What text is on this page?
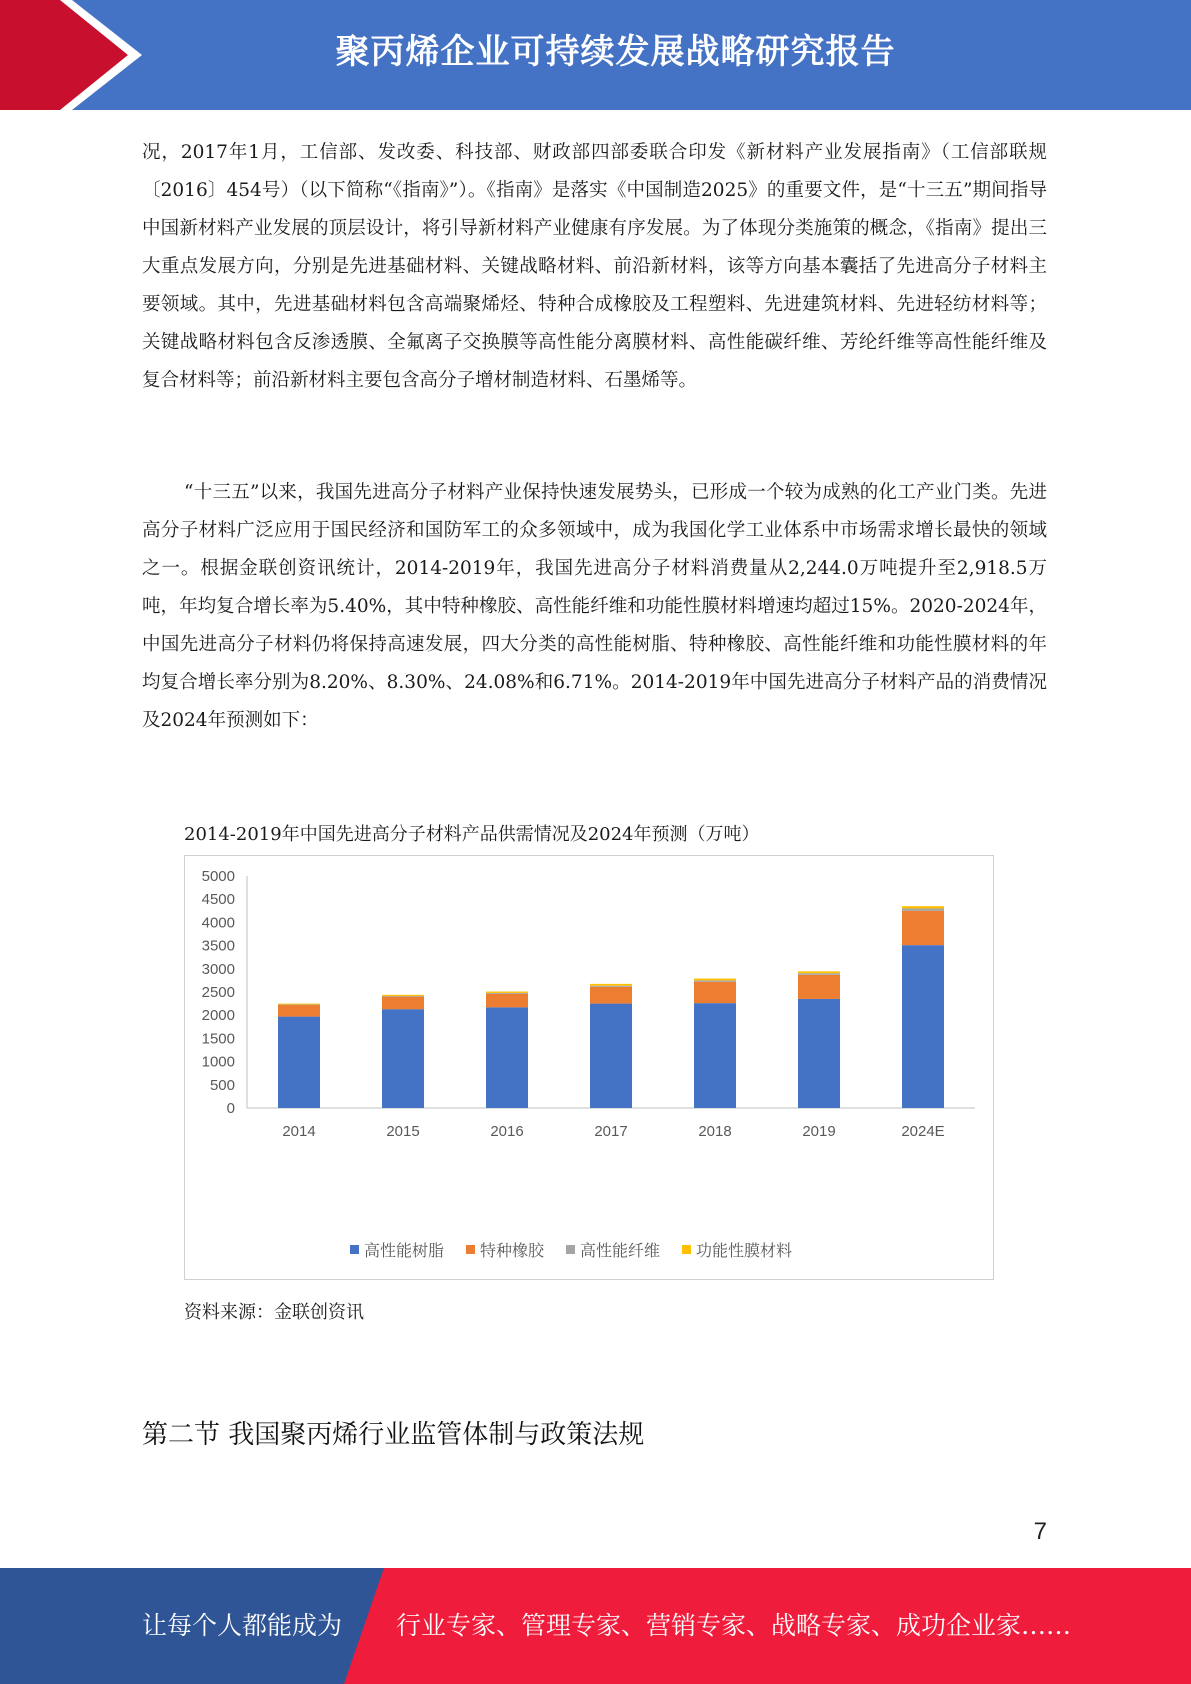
聚丙烯企业可持续发展战略研究报告

况，2017年1月，工信部、发改委、科技部、财政部四部委联合印发《新材料产业发展指南》（工信部联规〔2016〕454号）（以下简称“《指南》”）。《指南》是落实《中国制造2025》的重要文件，是“十三五”期间指导中国新材料产业发展的顶层设计，将引导新材料产业健康有序发展。为了体现分类施策的概念，《指南》提出三大重点发展方向，分别是先进基础材料、关键战略材料、前沿新材料，该等方向基本囊括了先进高分子材料主要领域。其中，先进基础材料包含高端聚烯烃、特种合成橡胶及工程塑料、先进建筑材料、先进轻纺材料等；关键战略材料包含反渗透膜、全氟离子交换膜等高性能分离膜材料、高性能碳纤维、芳纶纤维等高性能纤维及复合材料等；前沿新材料主要包含高分子增材制造材料、石墨烯等。

“十三五”以来，我国先进高分子材料产业保持快速发展势头，已形成一个较为成熟的化工产业门类。先进高分子材料广泛应用于国民经济和国防军工的众多领域中，成为我国化学工业体系中市场需求增长最快的领域之一。根据金联创资讯统计，2014-2019年，我国先进高分子材料消费量从2,244.0万吨提升至2,918.5万吨，年均复合增长率为5.40%，其中特种橡胶、高性能纤维和功能性膜材料增速均超过15%。2020-2024年，中国先进高分子材料仍将保持高速发展，四大分类的高性能树脂、特种橡胶、高性能纤维和功能性膜材料的年均复合增长率分别为8.20%、8.30%、24.08%和6.71%。2014-2019年中国先进高分子材料产品的消费情况及2024年预测如下：

2014-2019年中国先进高分子材料产品供需情况及2024年预测（万吨）
0
500
1000
1500
2000
2500
3000
3500
4000
4500
5000
2014	2015	2016	2017	2018	2019	2024E
高性能树脂 特种橡胶 高性能纤维 功能性膜材料
资料来源：金联创资讯
第二节 我国聚丙烯行业监管体制与政策法规
7
让每个人都能成为 行业专家、管理专家、营销专家、战略专家、成功企业家……
